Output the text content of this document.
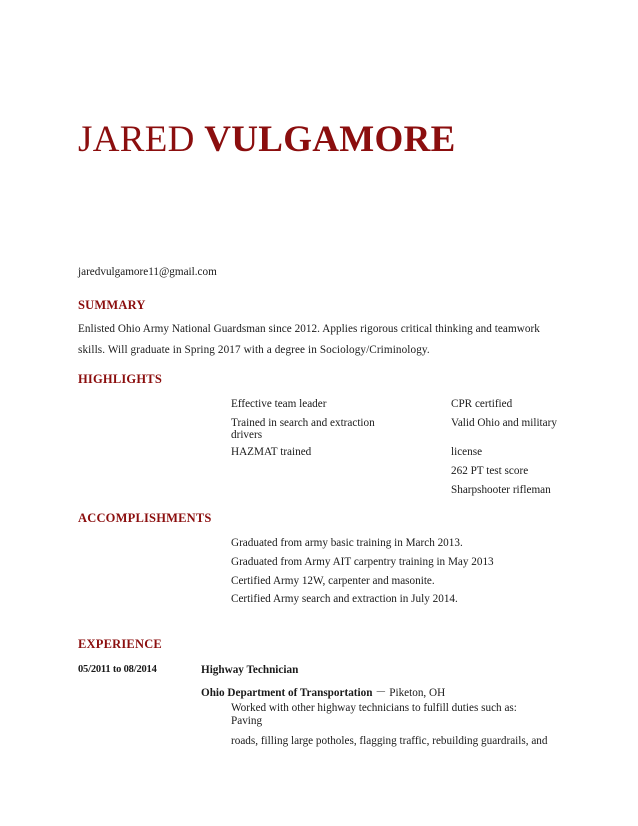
JARED VULGAMORE
jaredvulgamore11@gmail.com
SUMMARY
Enlisted Ohio Army National Guardsman since 2012. Applies rigorous critical thinking and teamwork
skills. Will graduate in Spring 2017 with a degree in Sociology/Criminology.
HIGHLIGHTS
Effective team leader
Trained in search and extraction
drivers
HAZMAT trained
CPR certified
Valid Ohio and military
license
262 PT test score
Sharpshooter rifleman
ACCOMPLISHMENTS
Graduated from army basic training in March 2013.
Graduated from Army AIT carpentry training in May 2013
Certified Army 12W, carpenter and masonite.
Certified Army search and extraction in July 2014.
EXPERIENCE
05/2011 to 08/2014	Highway Technician
Ohio Department of Transportation － Piketon, OH
Worked with other highway technicians to fulfill duties such as:
Paving
roads, filling large potholes, flagging traffic, rebuilding guardrails, and
